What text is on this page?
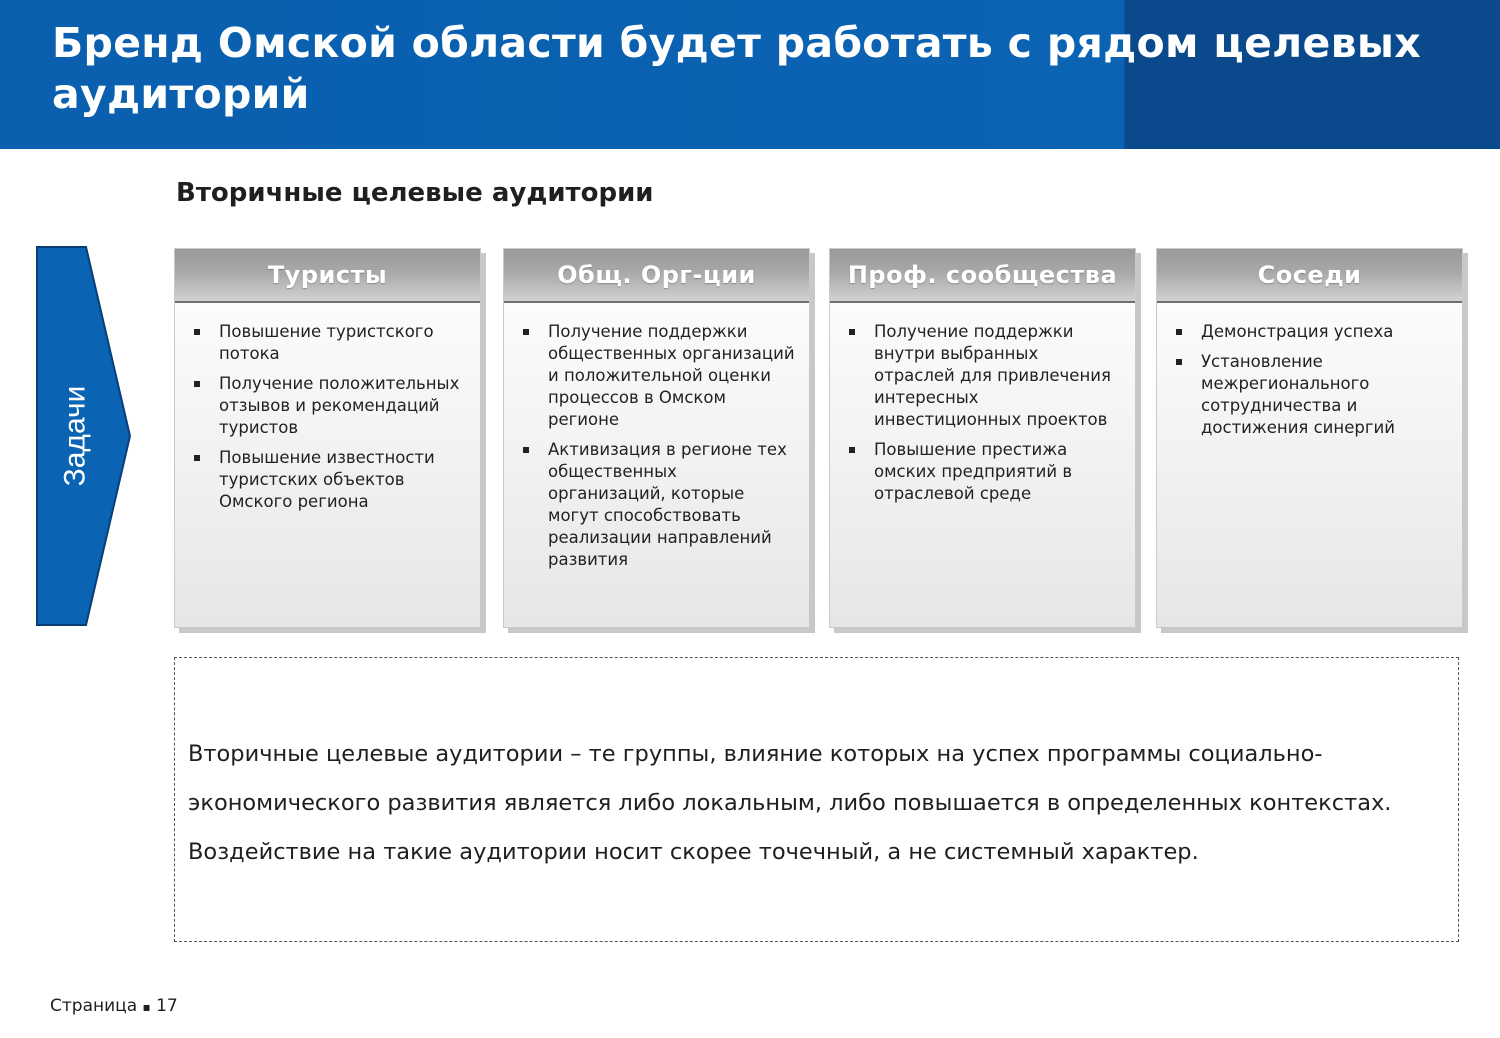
Бренд Омской области будет работать с рядом целевых аудиторий
Вторичные целевые аудитории
Задачи
Туристы
Повышение туристского потока
Получение положительных отзывов и рекомендаций туристов
Повышение известности туристских объектов Омского региона
Общ. Орг-ции
Получение поддержки общественных организаций и положительной оценки процессов в Омском регионе
Активизация в регионе тех общественных организаций, которые могут способствовать реализации направлений развития
Проф. сообщества
Получение поддержки внутри выбранных отраслей для привлечения интересных инвестиционных проектов
Повышение престижа омских предприятий в отраслевой среде
Соседи
Демонстрация успеха
Установление межрегионального сотрудничества и достижения синергий
Вторичные целевые аудитории – те группы, влияние которых на успех программы социально-экономического развития является либо локальным, либо повышается в определенных контекстах. Воздействие на такие аудитории носит скорее точечный, а не системный характер.
Страница ▪ 17
